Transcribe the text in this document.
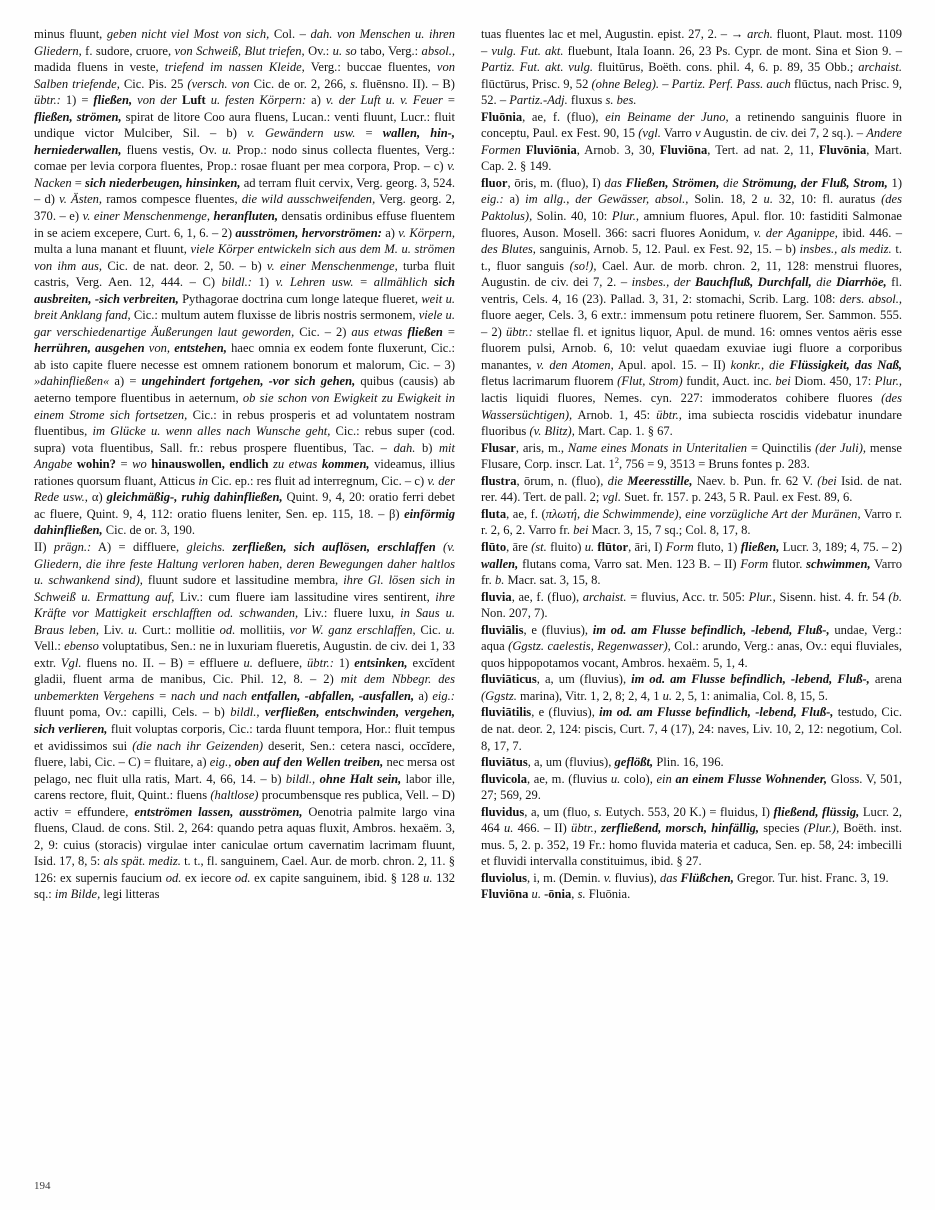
minus fluunt, geben nicht viel Most von sich, Col. – dah. von Menschen u. ihren Gliedern, f. sudore, cruore, von Schweiß, Blut triefen, Ov.: u. so tabo, Verg.: absol., madida fluens in veste, triefend im nassen Kleide, Verg.: buccae fluentes, von Salben triefende, Cic. Pis. 25 (versch. von Cic. de or. 2, 266, s. fluēnsno. II). – B) übtr.: 1) = fließen, von der Luft u. festen Körpern: a) v. der Luft u. v. Feuer = fließen, strömen, spirat de litore Coo aura fluens, Lucan.: venti fluunt, Lucr.: fluit undique victor Mulciber, Sil. – b) v. Gewändern usw. = wallen, hin-, herniederwallen, fluens vestis, Ov. u. Prop.: nodo sinus collecta fluentes, Verg.: comae per levia corpora fluentes, Prop.: rosae fluant per mea corpora, Prop. – c) v. Nacken = sich niederbeugen, hinsinken, ad terram fluit cervix, Verg. georg. 3, 524. – d) v. Ästen, ramos compesce fluentes, die wild ausschweifenden, Verg. georg. 2, 370. – e) v. einer Menschenmenge, heranfluten, densatis ordinibus effuse fluentem in se aciem excepere, Curt. 6, 1, 6. – 2) ausströmen, hervorströmen: a) v. Körpern, multa a luna manant et fluunt, viele Körper entwickeln sich aus dem M. u. strömen von ihm aus, Cic. de nat. deor. 2, 50. – b) v. einer Menschenmenge, turba fluit castris, Verg. Aen. 12, 444. – C) bildl.: 1) v. Lehren usw. = allmählich sich ausbreiten, -sich verbreiten, Pythagorae doctrina cum longe lateque flueret, weit u. breit Anklang fand, Cic.: multum autem fluxisse de libris nostris sermonem, viele u. gar verschiedenartige Äußerungen laut geworden, Cic. – 2) aus etwas fließen = herrühren, ausgehen von, entstehen, haec omnia ex eodem fonte fluxerunt, Cic.: ab isto capite fluere necesse est omnem rationem bonorum et malorum, Cic. – 3) »dahinfließen« a) = ungehindert fortgehen, -vor sich gehen, quibus (causis) ab aeterno tempore fluentibus in aeternum, ob sie schon von Ewigkeit zu Ewigkeit in einem Strome sich fortsetzen, Cic.: in rebus prosperis et ad voluntatem nostram fluentibus, im Glücke u. wenn alles nach Wunsche geht, Cic.: rebus super (cod. supra) vota fluentibus, Sall. fr.: rebus prospere fluentibus, Tac. – dah. b) mit Angabe wohin? = wo hinauswollen, endlich zu etwas kommen, videamus, illius rationes quorsum fluant, Atticus in Cic. ep.: res fluit ad interregnum, Cic. – c) v. der Rede usw., α) gleichmäßig-, ruhig dahinfließen, Quint. 9, 4, 20: oratio ferri debet ac fluere, Quint. 9, 4, 112: oratio fluens leniter, Sen. ep. 115, 18. – β) einförmig dahinfließen, Cic. de or. 3, 190.

II) prägn.: A) = diffluere, gleichs. zerfließen, sich auflösen, erschlaffen (v. Gliedern, die ihre feste Haltung verloren haben, deren Bewegungen daher haltlos u. schwankend sind), fluunt sudore et lassitudine membra, ihre Gl. lösen sich in Schweiß u. Ermattung auf, Liv.: cum fluere iam lassitudine vires sentirent, ihre Kräfte vor Mattigkeit erschlafften od. schwanden, Liv.: fluere luxu, in Saus u. Braus leben, Liv. u. Curt.: mollitie od. mollitiis, vor W. ganz erschlaffen, Cic. u. Vell.: ebenso voluptatibus, Sen.: ne in luxuriam flueretis, Augustin. de civ. dei 1, 33 extr. Vgl. fluens no. II. – B) = effluere u. defluere, übtr.: 1) entsinken, excĭdent gladii, fluent arma de manibus, Cic. Phil. 12, 8. – 2) mit dem Nbbegr. des unbemerkten Vergehens = nach und nach entfallen, -abfallen, -ausfallen, a) eig.: fluunt poma, Ov.: capilli, Cels. – b) bildl., verfließen, entschwinden, vergehen, sich verlieren, fluit voluptas corporis, Cic.: tarda fluunt tempora, Hor.: fluit tempus et avidissimos sui (die nach ihr Geizenden) deserit, Sen.: cetera nasci, occĭdere, fluere, labi, Cic. – C) = fluitare, a) eig., oben auf den Wellen treiben, nec mersa ost pelago, nec fluit ulla ratis, Mart. 4, 66, 14. – b) bildl., ohne Halt sein, labor ille, carens rectore, fluit, Quint.: fluens (haltlose) procumbensque res publica, Vell. – D) activ = effundere, entströmen lassen, ausströmen, Oenotria palmite largo vina fluens, Claud. de cons. Stil. 2, 264: quando petra aquas fluxit, Ambros. hexaëm. 3, 2, 9: cuius (storacis) virgulae inter caniculae ortum cavernatim lacrimam fluunt, Isid. 17, 8, 5: als spät. mediz. t. t., fl. sanguinem, Cael. Aur. de morb. chron. 2, 11. § 126: ex supernis faucium od. ex iecore od. ex capite sanguinem, ibid. § 128 u. 132 sq.: im Bilde, legi litteras

tuas fluentes lac et mel, Augustin. epist. 27, 2. – → arch. fluont, Plaut. most. 1109 – vulg. Fut. akt. fluebunt, Itala Ioann. 26, 23 Ps. Cypr. de mont. Sina et Sion 9. – Partiz. Fut. akt. vulg. fluitūrus, Boëth. cons. phil. 4, 6. p. 89, 35 Obb.; archaist. flūctūrus, Prisc. 9, 52 (ohne Beleg). – Partiz. Perf. Pass. auch flūctus, nach Prisc. 9, 52. – Partiz.-Adj. fluxus s. bes.

Fluōnia, ae, f. (fluo), ein Beiname der Juno, a retinendo sanguinis fluore in conceptu, Paul. ex Fest. 90, 15 (vgl. Varro v Augustin. de civ. dei 7, 2 sq.). – Andere Formen Fluviōnia, Arnob. 3, 30, Fluviōna, Tert. ad nat. 2, 11, Fluvōnia, Mart. Cap. 2. § 149.

fluor, ōris, m. (fluo), I) das Fließen, Strömen, die Strömung, der Fluß, Strom, 1) eig.: a) im allg., der Gewässer, absol., Solin. 18, 2 u. 32, 10: fl. auratus (des Paktolus), Solin. 40, 10: Plur., amnium fluores, Apul. flor. 10: fastiditi Salmonae fluores, Auson. Mosell. 366: sacri fluores Aonidum, v. der Aganippe, ibid. 446. – des Blutes, sanguinis, Arnob. 5, 12. Paul. ex Fest. 92, 15. – b) insbes., als mediz. t. t., fluor sanguis (so!), Cael. Aur. de morb. chron. 2, 11, 128: menstrui fluores, Augustin. de civ. dei 7, 2. – insbes., der Bauchfluß, Durchfall, die Diarrhöe, fl. ventris, Cels. 4, 16 (23). Pallad. 3, 31, 2: stomachi, Scrib. Larg. 108: ders. absol., fluore aeger, Cels. 3, 6 extr.: immensum potu retinere fluorem, Ser. Sammon. 555. – 2) übtr.: stellae fl. et ignitus liquor, Apul. de mund. 16: omnes ventos aëris esse fluorem pulsi, Arnob. 6, 10: velut quaedam exuviae iugi fluore a corporibus manantes, v. den Atomen, Apul. apol. 15. – II) konkr., die Flüssigkeit, das Naß, fletus lacrimarum fluorem (Flut, Strom) fundit, Auct. inc. bei Diom. 450, 17: Plur., lactis liquidi fluores, Nemes. cyn. 227: immoderatos cohibere fluores (des Wassersüchtigen), Arnob. 1, 45: übtr., ima subiecta roscidis videbatur inundare fluoribus (v. Blitz), Mart. Cap. 1. § 67.

Flusar, aris, m., Name eines Monats in Unteritalien = Quinctilis (der Juli), mense Flusare, Corp. inscr. Lat. $1^2$, 756 = 9, 3513 = Bruns fontes p. 283.

flustra, ōrum, n. (fluo), die Meeresstille, Naev. b. Pun. fr. 62 V. (bei Isid. de nat. rer. 44). Tert. de pall. 2; vgl. Suet. fr. 157. p. 243, 5 R. Paul. ex Fest. 89, 6.

fluta, ae, f. (πλωτή, die Schwimmende), eine vorzügliche Art der Muränen, Varro r. r. 2, 6, 2. Varro fr. bei Macr. 3, 15, 7 sq.; Col. 8, 17, 8.

flūto, āre (st. fluito) u. flūtor, āri, I) Form fluto, 1) fließen, Lucr. 3, 189; 4, 75. – 2) wallen, flutans coma, Varro sat. Men. 123 B. – II) Form flutor. schwimmen, Varro fr. b. Macr. sat. 3, 15, 8.

fluvia, ae, f. (fluo), archaist. = fluvius, Acc. tr. 505: Plur., Sisenn. hist. 4. fr. 54 (b. Non. 207, 7).

fluviālis, e (fluvius), im od. am Flusse befindlich, -lebend, Fluß-, undae, Verg.: aqua (Ggstz. caelestis, Regenwasser), Col.: arundo, Verg.: anas, Ov.: equi fluviales, quos hippopotamos vocant, Ambros. hexaëm. 5, 1, 4.

fluviāticus, a, um (fluvius), im od. am Flusse befindlich, -lebend, Fluß-, arena (Ggstz. marina), Vitr. 1, 2, 8; 2, 4, 1 u. 2, 5, 1: animalia, Col. 8, 15, 5.

fluviātilis, e (fluvius), im od. am Flusse befindlich, -lebend, Fluß-, testudo, Cic. de nat. deor. 2, 124: piscis, Curt. 7, 4 (17), 24: naves, Liv. 10, 2, 12: negotium, Col. 8, 17, 7.

fluviātus, a, um (fluvius), geflößt, Plin. 16, 196.

fluvicola, ae, m. (fluvius u. colo), ein an einem Flusse Wohnender, Gloss. V, 501, 27; 569, 29.

fluvidus, a, um (fluo, s. Eutych. 553, 20 K.) = fluidus, I) fließend, flüssig, Lucr. 2, 464 u. 466. – II) übtr., zerfließend, morsch, hinfällig, species (Plur.), Boëth. inst. mus. 5, 2. p. 352, 19 Fr.: homo fluvida materia et caduca, Sen. ep. 58, 24: imbecilli et fluvidi intervalla constituimus, ibid. § 27.

fluviolus, i, m. (Demin. v. fluvius), das Flüßchen, Gregor. Tur. hist. Franc. 3, 19.

Fluviōna u. -ōnia, s. Fluōnia.

194
